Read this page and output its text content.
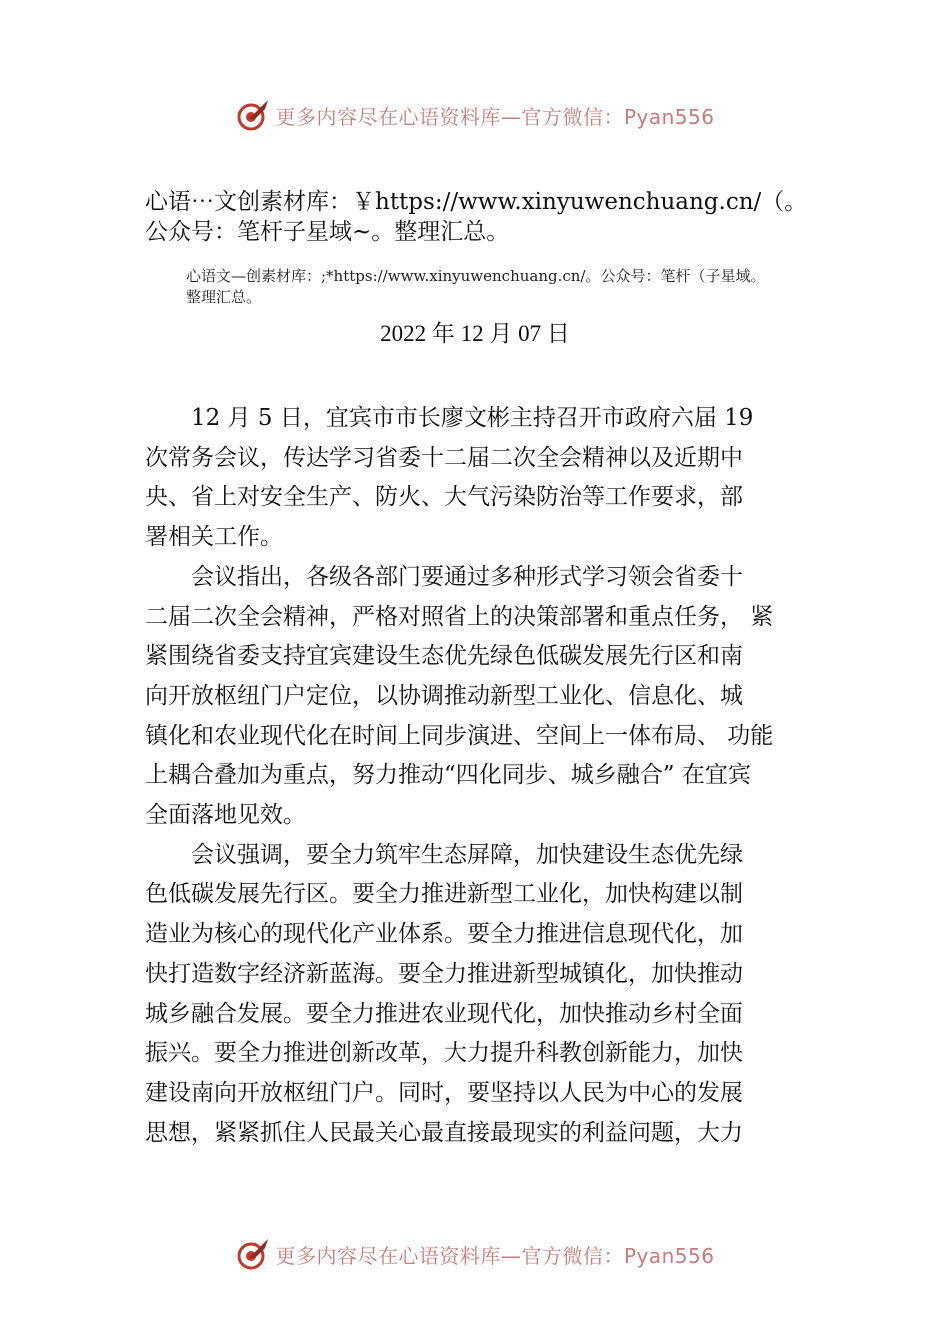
更多内容尽在心语资料库—官方微信：Pyan556
心语⋯文创素材库：￥https://www.xinyuwenchuang.cn/（。
公众号：笔杆子星域~。整理汇总。
心语文—创素材库：;*https://www.xinyuwenchuang.cn/。公众号：笔杆（子星域。
整理汇总。
2022 年 12 月 07 日
　　12 月 5 日，宜宾市市长廖文彬主持召开市政府六届 19
次常务会议，传达学习省委十二届二次全会精神以及近期中
央、省上对安全生产、防火、大气污染防治等工作要求，部
署相关工作。
　　会议指出，各级各部门要通过多种形式学习领会省委十
二届二次全会精神，严格对照省上的决策部署和重点任务， 紧
紧围绕省委支持宜宾建设生态优先绿色低碳发展先行区和南
向开放枢纽门户定位，以协调推动新型工业化、信息化、城
镇化和农业现代化在时间上同步演进、空间上一体布局、 功能
上耦合叠加为重点，努力推动“四化同步、城乡融合” 在宜宾
全面落地见效。
　　会议强调，要全力筑牢生态屏障，加快建设生态优先绿
色低碳发展先行区。要全力推进新型工业化，加快构建以制
造业为核心的现代化产业体系。要全力推进信息现代化，加
快打造数字经济新蓝海。要全力推进新型城镇化，加快推动
城乡融合发展。要全力推进农业现代化，加快推动乡村全面
振兴。要全力推进创新改革，大力提升科教创新能力，加快
建设南向开放枢纽门户。同时，要坚持以人民为中心的发展
思想，紧紧抓住人民最关心最直接最现实的利益问题，大力
更多内容尽在心语资料库—官方微信：Pyan556
